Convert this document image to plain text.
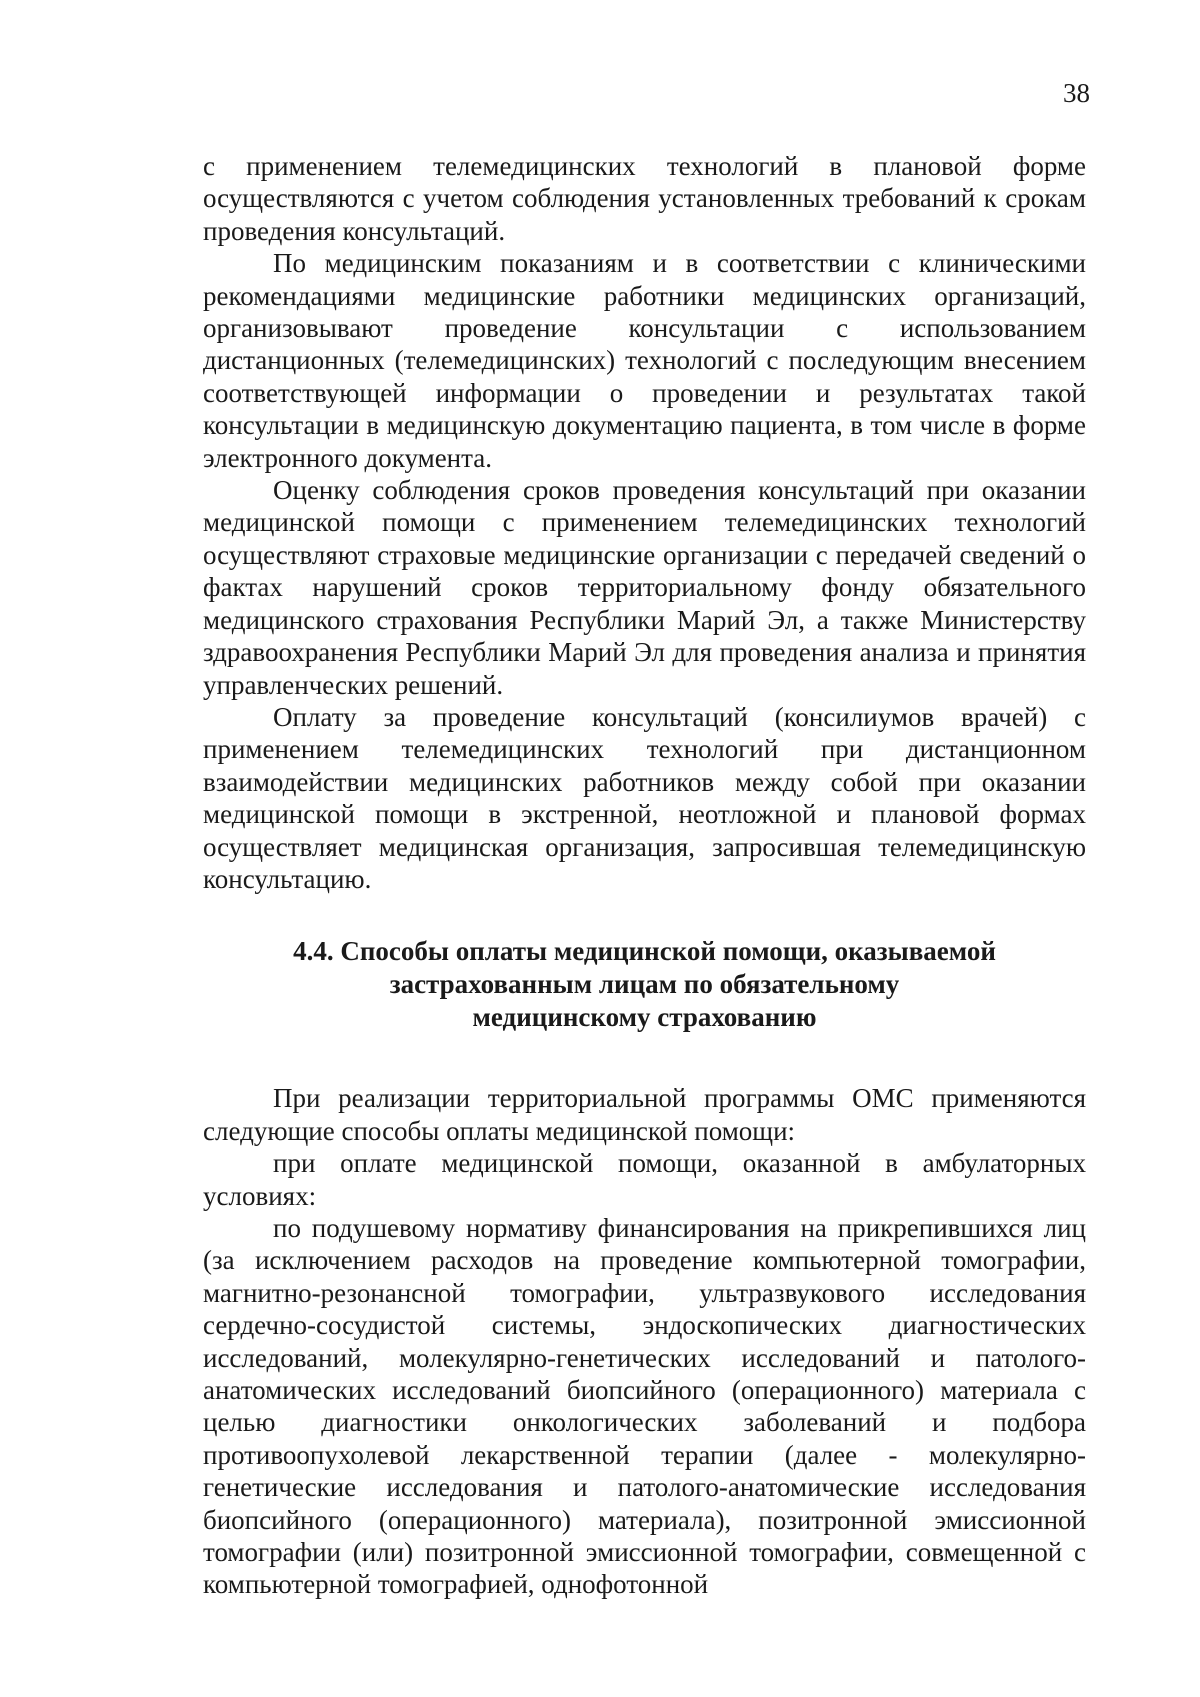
38

с применением телемедицинских технологий в плановой форме осуществляются с учетом соблюдения установленных требований к срокам проведения консультаций.

По медицинским показаниям и в соответствии с клиническими рекомендациями медицинские работники медицинских организаций, организовывают проведение консультации с использованием дистанционных (телемедицинских) технологий с последующим внесением соответствующей информации о проведении и результатах такой консультации в медицинскую документацию пациента, в том числе в форме электронного документа.

Оценку соблюдения сроков проведения консультаций при оказании медицинской помощи с применением телемедицинских технологий осуществляют страховые медицинские организации с передачей сведений о фактах нарушений сроков территориальному фонду обязательного медицинского страхования Республики Марий Эл, а также Министерству здравоохранения Республики Марий Эл для проведения анализа и принятия управленческих решений.

Оплату за проведение консультаций (консилиумов врачей) с применением телемедицинских технологий при дистанционном взаимодействии медицинских работников между собой при оказании медицинской помощи в экстренной, неотложной и плановой формах осуществляет медицинская организация, запросившая телемедицинскую консультацию.

4.4. Способы оплаты медицинской помощи, оказываемой
застрахованным лицам по обязательному
медицинскому страхованию

При реализации территориальной программы ОМС применяются следующие способы оплаты медицинской помощи:

при оплате медицинской помощи, оказанной в амбулаторных условиях:

по подушевому нормативу финансирования на прикрепившихся лиц (за исключением расходов на проведение компьютерной томографии, магнитно-резонансной томографии, ультразвукового исследования сердечно-сосудистой системы, эндоскопических диагностических исследований, молекулярно-генетических исследований и патолого-анатомических исследований биопсийного (операционного) материала с целью диагностики онкологических заболеваний и подбора противоопухолевой лекарственной терапии (далее - молекулярно-генетические исследования и патолого-анатомические исследования биопсийного (операционного) материала), позитронной эмиссионной томографии (или) позитронной эмиссионной томографии, совмещенной с компьютерной томографией, однофотонной
